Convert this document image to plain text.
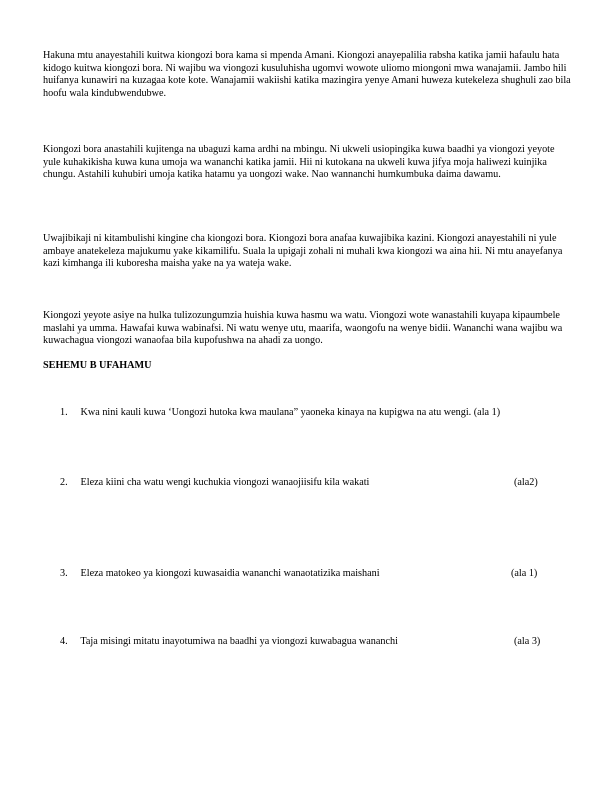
Hakuna mtu anayestahili kuitwa kiongozi bora kama si mpenda Amani. Kiongozi anayepalilia rabsha katika jamii hafaulu hata kidogo kuitwa kiongozi bora. Ni wajibu wa viongozi kusuluhisha ugomvi wowote uliomo miongoni mwa wanajamii. Jambo hili huifanya kunawiri na kuzagaa kote kote. Wanajamii wakiishi katika mazingira yenye Amani huweza kutekeleza shughuli zao bila hoofu wala kindubwendubwe.

Kiongozi bora anastahili kujitenga na ubaguzi kama ardhi na mbingu. Ni ukweli usiopingika kuwa baadhi ya viongozi yeyote yule kuhakikisha kuwa kuna umoja wa wananchi katika jamii. Hii ni kutokana na ukweli kuwa jifya moja haliwezi kuinjika chungu. Astahili kuhubiri umoja katika hatamu ya uongozi wake. Nao wannanchi humkumbuka daima dawamu.

Uwajibikaji ni kitambulishi kingine cha kiongozi bora. Kiongozi bora anafaa kuwajibika kazini. Kiongozi anayestahili ni yule ambaye anatekeleza majukumu yake kikamilifu. Suala la upigaji zohali ni muhali kwa kiongozi wa aina hii. Ni mtu anayefanya kazi kimhanga ili kuboresha maisha yake na ya wateja wake.

Kiongozi yeyote asiye na hulka tulizozungumzia huishia kuwa hasmu wa watu. Viongozi wote wanastahili kuyapa kipaumbele maslahi ya umma. Hawafai kuwa wabinafsi. Ni watu wenye utu, maarifa, waongofu na wenye bidii. Wananchi wana wajibu wa kuwachagua viongozi wanaofaa bila kupofushwa na ahadi za uongo.

SEHEMU B UFAHAMU
1. Kwa nini kauli kuwa ‘Uongozi hutoka kwa maulana” yaoneka kinaya na kupigwa na atu wengi. (ala 1)
2. Eleza kiini cha watu wengi kuchukia viongozi wanaojiisifu kila wakati	(ala2)
3. Eleza matokeo ya kiongozi kuwasaidia wananchi wanaotatizika maishani	(ala 1)
4. Taja misingi mitatu inayotumiwa na baadhi ya viongozi kuwabagua wananchi	(ala 3)
